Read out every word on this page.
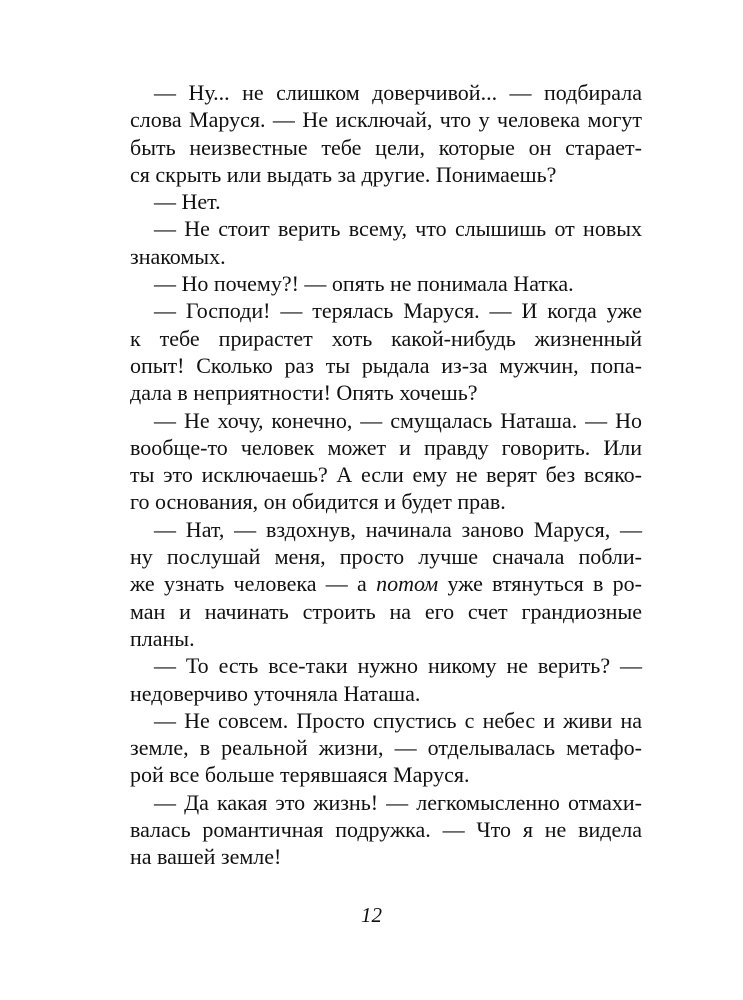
— Ну... не слишком доверчивой... — подбирала
слова Маруся. — Не исключай, что у человека могут
быть неизвестные тебе цели, которые он старает-
ся скрыть или выдать за другие. Понимаешь?
— Нет.
— Не стоит верить всему, что слышишь от новых
знакомых.
— Но почему?! — опять не понимала Натка.
— Господи! — терялась Маруся. — И когда уже
к тебе прирастет хоть какой-нибудь жизненный
опыт! Сколько раз ты рыдала из-за мужчин, попа-
дала в неприятности! Опять хочешь?
— Не хочу, конечно, — смущалась Наташа. — Но
вообще-то человек может и правду говорить. Или
ты это исключаешь? А если ему не верят без всяко-
го основания, он обидится и будет прав.
— Нат, — вздохнув, начинала заново Маруся, —
ну послушай меня, просто лучше сначала побли-
же узнать человека — а потом уже втянуться в ро-
ман и начинать строить на его счет грандиозные
планы.
— То есть все-таки нужно никому не верить? —
недоверчиво уточняла Наташа.
— Не совсем. Просто спустись с небес и живи на
земле, в реальной жизни, — отделывалась метафо-
рой все больше терявшаяся Маруся.
— Да какая это жизнь! — легкомысленно отмахи-
валась романтичная подружка. — Что я не видела
на вашей земле!
12
